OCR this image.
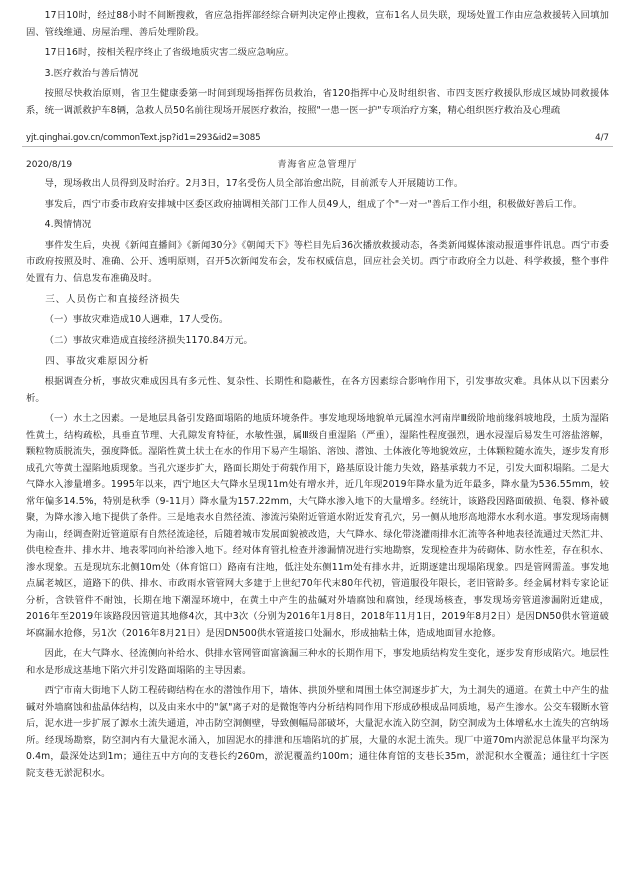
17日10时，经过88小时不间断搜救，省应急指挥部经综合研判决定停止搜救，宣布1名人员失联，现场处置工作由应急救援转入回填加固、管线维通、房屋治理、善后处理阶段。

17日16时，按相关程序终止了省级地质灾害二级应急响应。

3.医疗救治与善后情况

按照尽快救治原则，省卫生健康委第一时间到现场指挥伤员救治，省120指挥中心及时组织省、市四支医疗救援队形成区域协同救援体系，统一调派救护车8辆，急救人员50名前往现场开展医疗救治，按照"一患一医一护"专项治疗方案，精心组织医疗救治及心理疏

yjt.qinghai.gov.cn/commonText.jsp?id1=293&id2=3085	4/7
2020/8/19	青海省应急管理厅

导，现场救出人员得到及时治疗。2月3日，17名受伤人员全部治愈出院，目前派专人开展随访工作。

事发后，西宁市委市政府安排城中区委区政府抽调相关部门工作人员49人，组成了个"一对一"善后工作小组，积极做好善后工作。

4.舆情情况

事件发生后，央视《新闻直播间》《新闻30分》《朝闻天下》等栏目先后36次播放救援动态，各类新闻媒体滚动报道事件讯息。西宁市委市政府按照及时、准确、公开、透明原则，召开5次新闻发布会，发布权威信息，回应社会关切。西宁市政府全力以赴、科学救援，整个事件处置有力、信息发布准确及时。

三、人员伤亡和直接经济损失

（一）事故灾难造成10人遇难，17人受伤。

（二）事故灾难造成直接经济损失1170.84万元。

四、事故灾难原因分析

根据调查分析，事故灾难成因具有多元性、复杂性、长期性和隐蔽性，在各方因素综合影响作用下，引发事故灾难。具体从以下因素分析。

（一）水土之因素。一是地层具备引发路面塌陷的地质环境条件。事发地现场地貌单元属湟水河南岸Ⅲ级阶地前缘斜坡地段，土质为湿陷性黄土，结构疏松，具垂直节理、大孔隙发育特征，水敏性强，属Ⅲ级自重湿陷（严重），湿陷性程度强烈，遇水浸湿后易发生可溶盐溶解，颗粒物质脱流失，强度降低。湿陷性黄土状土在水的作用下易产生塌馅、溶蚀、潜蚀、土体液化等地貌效应，土体颗粒随水流失，逐步发育形成孔穴等黄土湿陷地质现象。当孔穴逐步扩大，路面长期处于荷载作用下，路基原设计能力失效，路基承载力不足，引发大面积塌陷。二是大气降水入渗量增多。1995年以来，西宁地区大气降水呈现11m处有增水并，近几年现2019年降水量为近年最多，降水量为536.55mm，较常年偏多14.5%，特别是秋季（9-11月）降水量为157.22mm，大气降水渗入地下的大量增多。经统计，该路段因路面破损、龟裂、修补破聚，为降水渗入地下提供了条件。三是地表水自然径流、渗流污染附近管道水附近发育孔穴，另一侧从地形高地滞水水利水道。事发现场南侧为南山，经调查附近管道原有自然径流途径，后随着城市发展面貌被改造，大气降水、绿化带浇灌雨排水汇流等各种地表径流通过天然汇井、供电检查井、排水井、地表零同向补给渗入地下。经对体育管扎检查并渗漏情况进行实地勘察，发现检查井为砖砌体、防水性差，存在积水、渗水现象。五是现坑东北侧10m处（体育馆口）路南有注地，低注处东侧11m处有排水井，近期逐建出现塌陷现象。四是管网需盖。事发地点属老城区，道路下的供、排水、市政雨水管管网大多建于上世纪70年代末80年代初，管道服役年限长，老旧管龄多。经金属材料专家论证分析，含铁管件不耐蚀，长期在地下潮湿环境中，在黄土中产生的盐碱对外墙腐蚀和腐蚀，经现场核查，事发现场旁管道渗漏附近建成，2016年至2019年该路段因管道其地修4次，其中3次（分别为2016年1月8日，2018年11月1日，2019年8月2日）是因DN50供水管道破坏腐漏水抢修，另1次（2016年8月21日）是因DN500供水管道接口处漏水，形成抽粘土体，造成地面冒水抢修。

因此，在大气降水、径流侧向补给水、供排水管网管面富滴漏三种水的长期作用下，事发地质结构发生变化，逐步发育形成陷穴。地层性和水是形成这基地下陷穴并引发路面塌陷的主导因素。

西宁市南大街地下人防工程砖砌结构在水的潜蚀作用下，墙体、拱顶外壁和周围土体空洞逐步扩大，为土洞失的通道。在黄土中产生的盐碱对外墙腐蚀和盐晶体结构，以及由来水中的"氯"离子对的是微饱等内分析结构同作用下形成砂根成品同质地，易产生渗水。公交车辍断水管后，泥水进一步扩展了源水土流失通道，冲击防空洞侧壁，导致侧幅局部破坏，大量泥水流入防空洞，防空洞成为土体增私水土流失的宫纳场所。经现场勘察，防空洞内有大量泥水涌入，加固泥水的排泄和压墙陷坑的扩展，大量的水泥土流失。现厂中道70m内淤泥总体量平均深为0.4m，最深处达到1m；通往五中方向的支巷长约260m，淤泥覆盖约100m；通往体育馆的支巷长35m，淤泥积水全覆盖；通往红十字医院支巷无淤泥积水。
